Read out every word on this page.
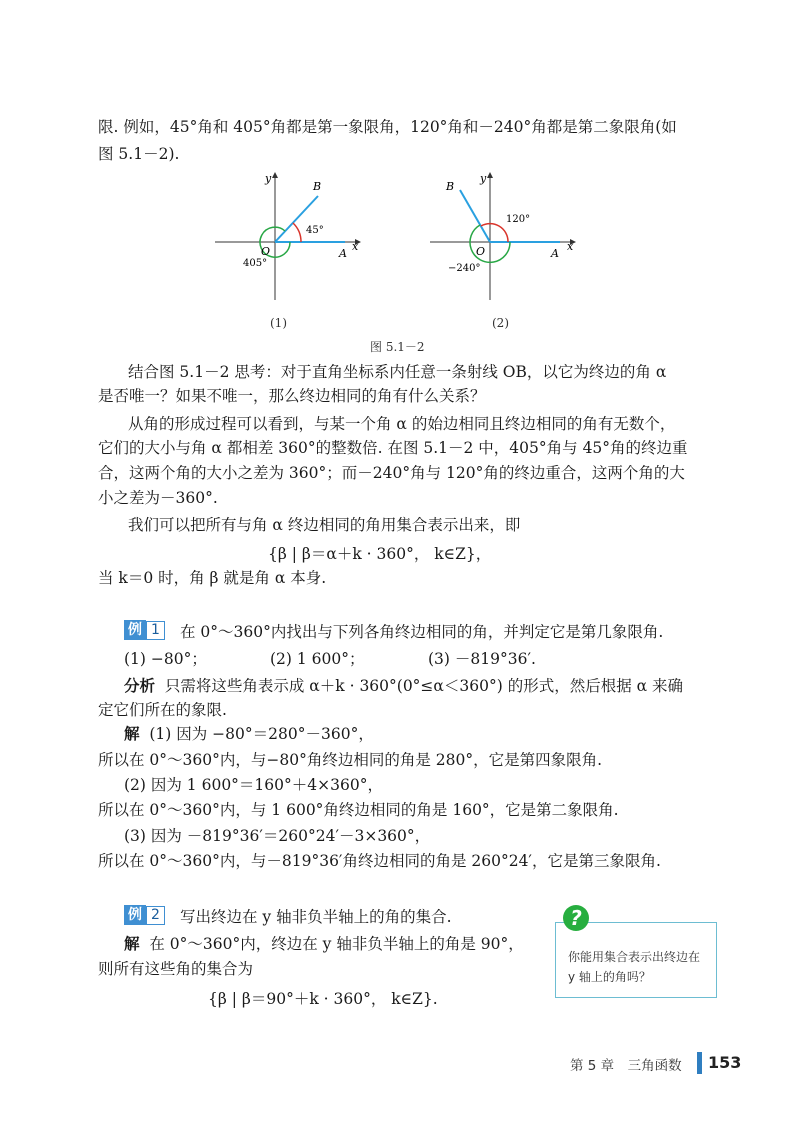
限. 例如，45°角和 405°角都是第一象限角，120°角和－240°角都是第二象限角(如
图 5.1－2).
45°
405°
O	A
B
y
x
(1)
120°
−240°
O	A
B
y
x
(2)
图 5.1－2
结合图 5.1－2 思考：对于直角坐标系内任意一条射线 OB，以它为终边的角 α
是否唯一？如果不唯一，那么终边相同的角有什么关系？
从角的形成过程可以看到，与某一个角 α 的始边相同且终边相同的角有无数个，
它们的大小与角 α 都相差 360°的整数倍. 在图 5.1－2 中，405°角与 45°角的终边重
合，这两个角的大小之差为 360°；而－240°角与 120°角的终边重合，这两个角的大
小之差为－360°.
我们可以把所有与角 α 终边相同的角用集合表示出来，即
{β | β＝α＋k · 360°， k∈Z}，
当 k＝0 时，角 β 就是角 α 本身.
例 1	在 0°～360°内找出与下列各角终边相同的角，并判定它是第几象限角.
(1) −80°；	(2) 1 600°；	(3) －819°36′.
分析 只需将这些角表示成 α＋k · 360°(0°≤α＜360°) 的形式，然后根据 α 来确
定它们所在的象限.
解 (1) 因为 −80°＝280°－360°，
所以在 0°～360°内，与−80°角终边相同的角是 280°，它是第四象限角.
(2) 因为 1 600°＝160°＋4×360°，
所以在 0°～360°内，与 1 600°角终边相同的角是 160°，它是第二象限角.
(3) 因为 －819°36′＝260°24′－3×360°，
所以在 0°～360°内，与－819°36′角终边相同的角是 260°24′，它是第三象限角.
例 2	写出终边在 y 轴非负半轴上的角的集合.
解 在 0°～360°内，终边在 y 轴非负半轴上的角是 90°，
则所有这些角的集合为
{β | β＝90°＋k · 360°， k∈Z}.
你能用集合表示出终边在 y 轴上的角吗？
?
第 5 章　三角函数 153
